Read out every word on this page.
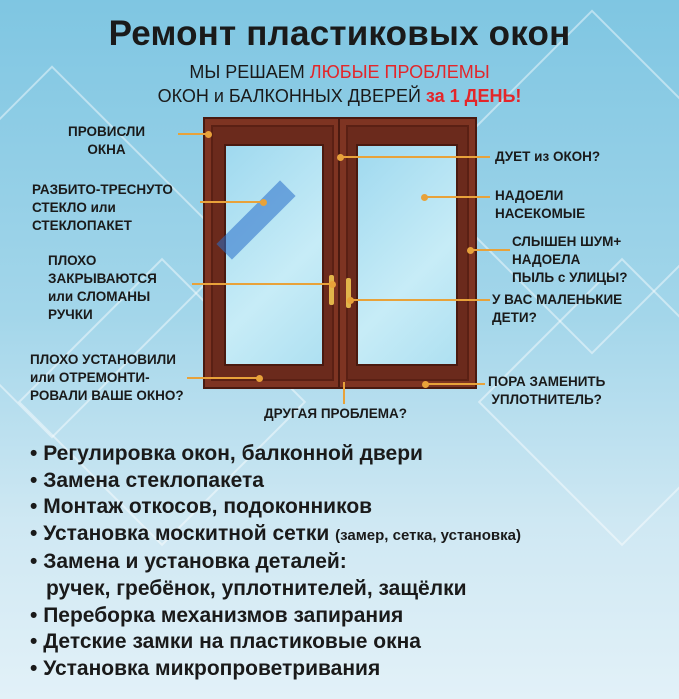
Ремонт пластиковых окон
МЫ РЕШАЕМ ЛЮБЫЕ ПРОБЛЕМЫ
ОКОН и БАЛКОННЫХ ДВЕРЕЙ за 1 ДЕНЬ!
ПРОВИСЛИ
ОКНА
РАЗБИТО-ТРЕСНУТО
СТЕКЛО или
СТЕКЛОПАКЕТ
ПЛОХО
ЗАКРЫВАЮТСЯ
или СЛОМАНЫ
РУЧКИ
ПЛОХО УСТАНОВИЛИ
или ОТРЕМОНТИ-
РОВАЛИ ВАШЕ ОКНО?
ДУЕТ из ОКОН?
НАДОЕЛИ
НАСЕКОМЫЕ
СЛЫШЕН ШУМ+
НАДОЕЛА
ПЫЛЬ с УЛИЦЫ?
У ВАС МАЛЕНЬКИЕ
ДЕТИ?
ПОРА ЗАМЕНИТЬ
УПЛОТНИТЕЛЬ?
ДРУГАЯ ПРОБЛЕМА?
• Регулировка окон, балконной двери
• Замена стеклопакета
• Монтаж откосов, подоконников
• Установка москитной сетки (замер, сетка, установка)
• Замена и установка деталей:
ручек, гребёнок, уплотнителей, защёлки
• Переборка механизмов запирания
• Детские замки на пластиковые окна
• Установка микропроветривания
